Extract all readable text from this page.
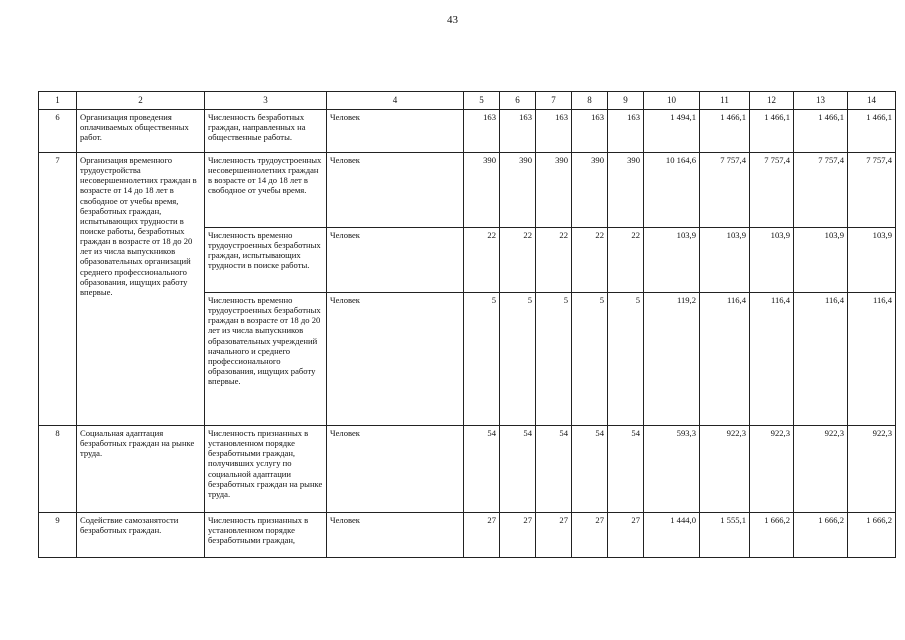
43
1	2	3	4	5	6	7	8	9	10	11	12	13	14
6	Организация проведения оплачиваемых общественных работ.	Численность безработных граждан, направленных на общественные работы.	Человек	163	163	163	163	163	1 494,1	1 466,1	1 466,1	1 466,1	1 466,1
7	Организация временного трудоустройства несовершеннолетних граждан в возрасте от 14 до 18 лет в свободное от учебы время, безработных граждан, испытывающих трудности в поиске работы, безработных граждан в возрасте от 18 до 20 лет из числа выпускников образовательных организаций среднего профессионального образования, ищущих работу впервые.	Численность трудоустроенных несовершеннолетних граждан в возрасте от 14 до 18 лет в свободное от учебы время.	Человек	390	390	390	390	390	10 164,6	7 757,4	7 757,4	7 757,4	7 757,4
		Численность временно трудоустроенных безработных граждан, испытывающих трудности в поиске работы.	Человек	22	22	22	22	22	103,9	103,9	103,9	103,9	103,9
		Численность временно трудоустроенных безработных граждан в возрасте от 18 до 20 лет из числа выпускников образовательных учреждений начального и среднего профессионального образования, ищущих работу впервые.	Человек	5	5	5	5	5	119,2	116,4	116,4	116,4	116,4
8	Социальная адаптация безработных граждан на рынке труда.	Численность признанных в установленном порядке безработными граждан, получивших услугу по социальной адаптации безработных граждан на рынке труда.	Человек	54	54	54	54	54	593,3	922,3	922,3	922,3	922,3
9	Содействие самозанятости безработных граждан.	Численность признанных в установленном порядке безработными граждан,	Человек	27	27	27	27	27	1 444,0	1 555,1	1 666,2	1 666,2	1 666,2
